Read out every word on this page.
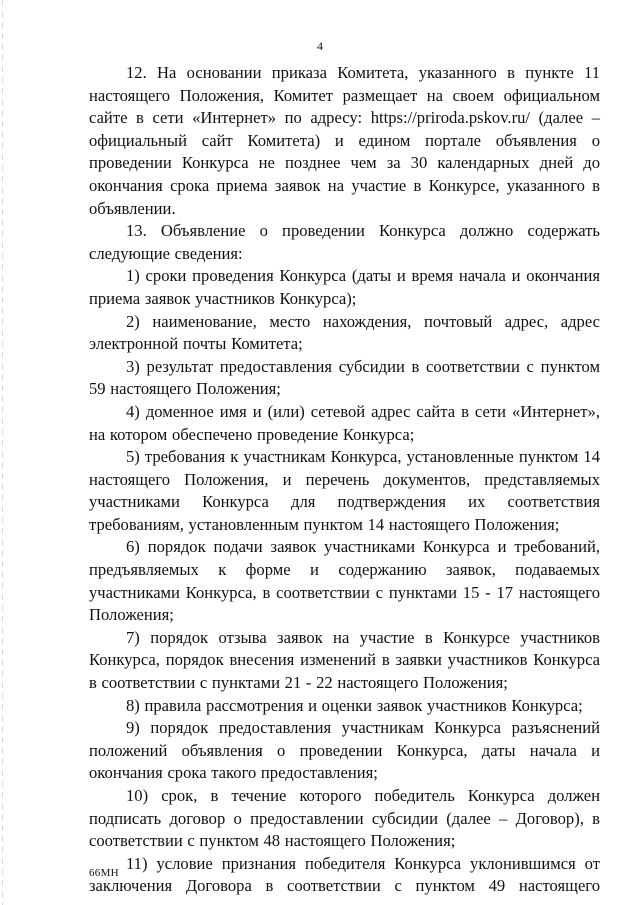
4

12. На основании приказа Комитета, указанного в пункте 11 настоящего Положения, Комитет размещает на своем официальном сайте в сети «Интернет» по адресу: https://priroda.pskov.ru/ (далее – официальный сайт Комитета) и едином портале объявления о проведении Конкурса не позднее чем за 30 календарных дней до окончания срока приема заявок на участие в Конкурсе, указанного в объявлении.

13. Объявление о проведении Конкурса должно содержать следующие сведения:

1) сроки проведения Конкурса (даты и время начала и окончания приема заявок участников Конкурса);

2) наименование, место нахождения, почтовый адрес, адрес электронной почты Комитета;

3) результат предоставления субсидии в соответствии с пунктом 59 настоящего Положения;

4) доменное имя и (или) сетевой адрес сайта в сети «Интернет», на котором обеспечено проведение Конкурса;

5) требования к участникам Конкурса, установленные пунктом 14 настоящего Положения, и перечень документов, представляемых участниками Конкурса для подтверждения их соответствия требованиям, установленным пунктом 14 настоящего Положения;

6) порядок подачи заявок участниками Конкурса и требований, предъявляемых к форме и содержанию заявок, подаваемых участниками Конкурса, в соответствии с пунктами 15 - 17 настоящего Положения;

7) порядок отзыва заявок на участие в Конкурсе участников Конкурса, порядок внесения изменений в заявки участников Конкурса в соответствии с пунктами 21 - 22 настоящего Положения;

8) правила рассмотрения и оценки заявок участников Конкурса;

9) порядок предоставления участникам Конкурса разъяснений положений объявления о проведении Конкурса, даты начала и окончания срока такого предоставления;

10) срок, в течение которого победитель Конкурса должен подписать договор о предоставлении субсидии (далее – Договор), в соответствии с пунктом 48 настоящего Положения;

11) условие признания победителя Конкурса уклонившимся от заключения Договора в соответствии с пунктом 49 настоящего

66МН
